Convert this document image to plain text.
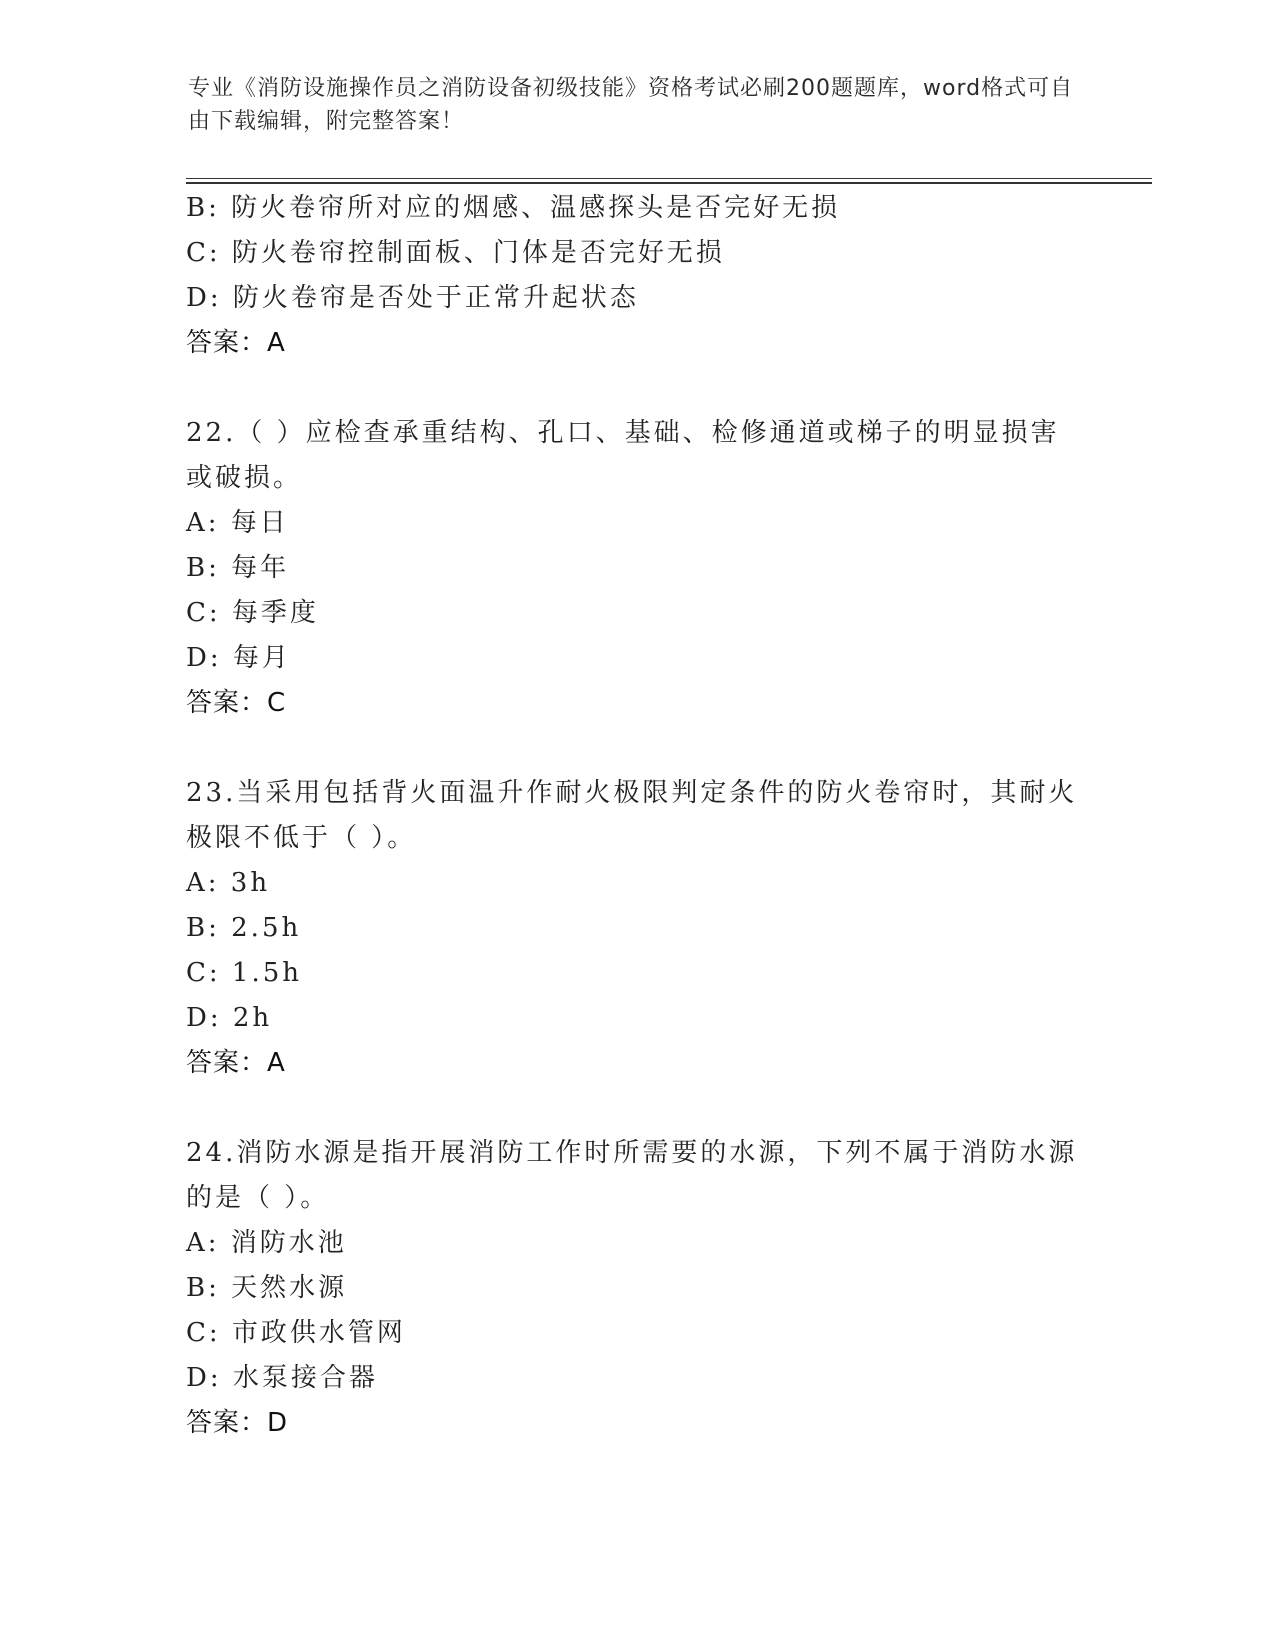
专业《消防设施操作员之消防设备初级技能》资格考试必刷200题题库，word格式可自由下载编辑，附完整答案！
B: 防火卷帘所对应的烟感、温感探头是否完好无损
C: 防火卷帘控制面板、门体是否完好无损
D: 防火卷帘是否处于正常升起状态
答案：A
22.（ ）应检查承重结构、孔口、基础、检修通道或梯子的明显损害
或破损。
A: 每日
B: 每年
C: 每季度
D: 每月
答案：C
23.当采用包括背火面温升作耐火极限判定条件的防火卷帘时，其耐火
极限不低于（ ）。
A: 3h
B: 2.5h
C: 1.5h
D: 2h
答案：A
24.消防水源是指开展消防工作时所需要的水源，下列不属于消防水源
的是（ ）。
A: 消防水池
B: 天然水源
C: 市政供水管网
D: 水泵接合器
答案：D
